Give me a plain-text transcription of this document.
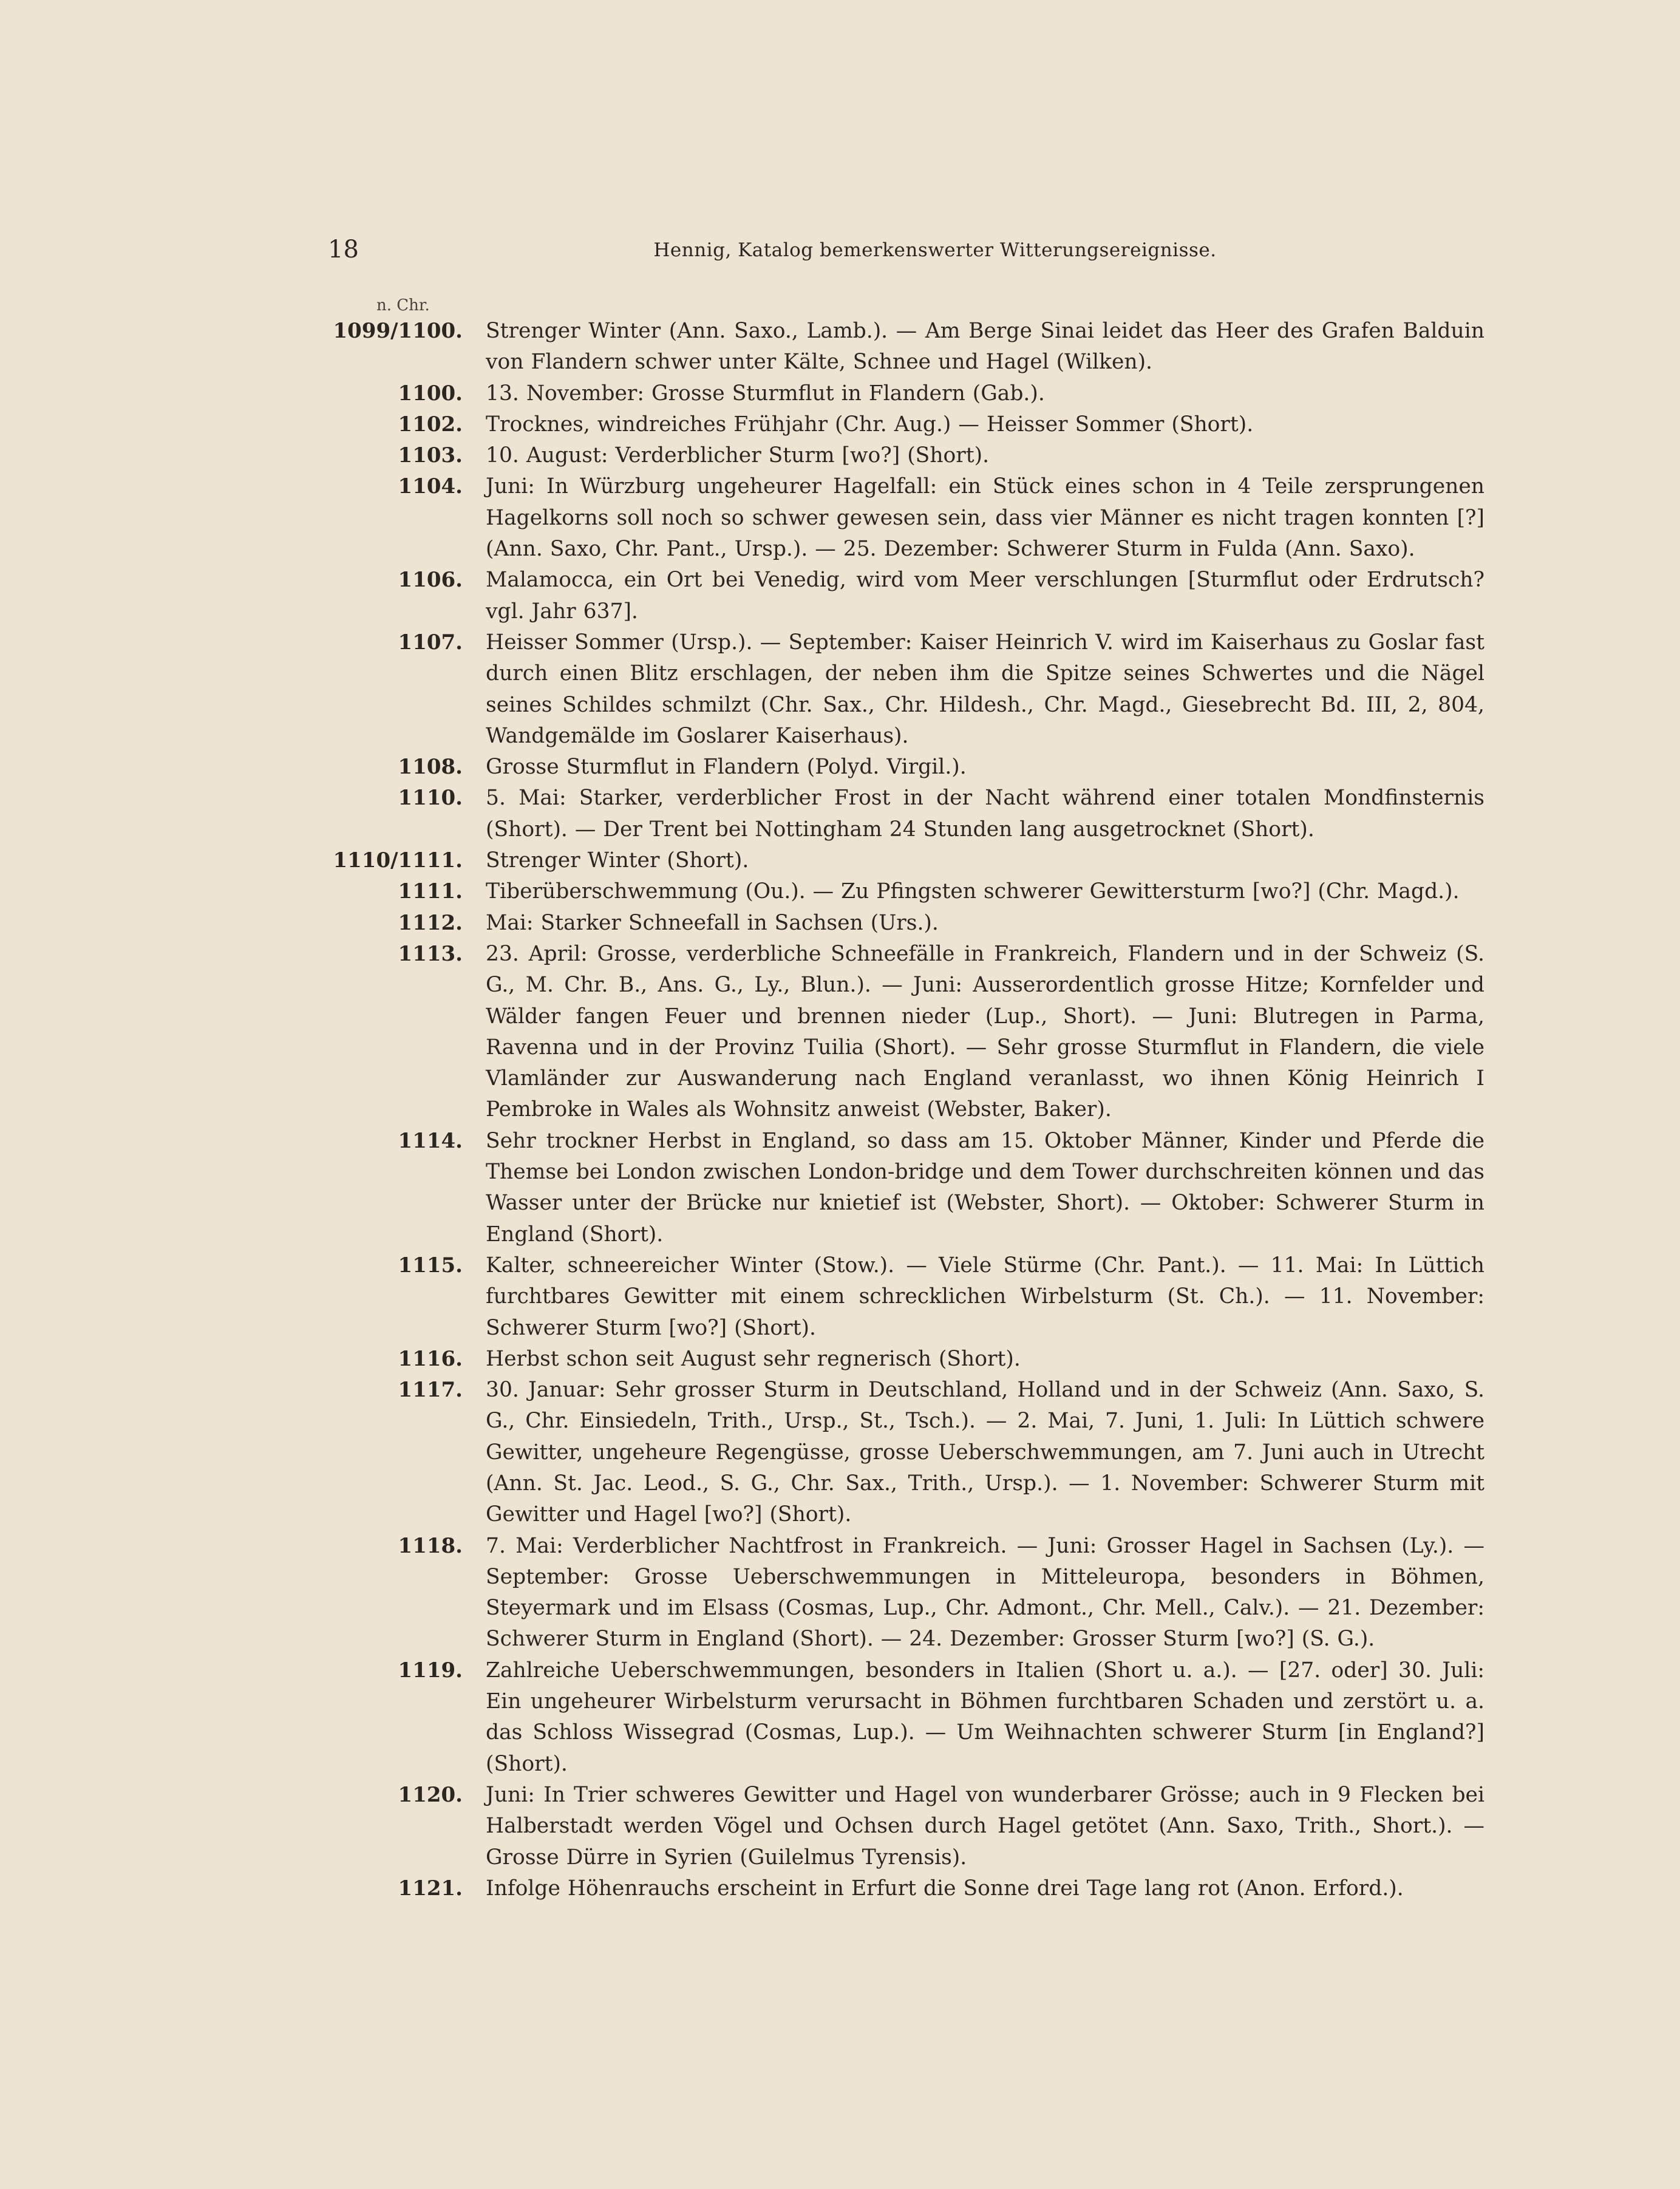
18	Hennig, Katalog bemerkenswerter Witterungsereignisse.
n. Chr.
1099/1100. Strenger Winter (Ann. Saxo., Lamb.). — Am Berge Sinai leidet das Heer des Grafen Balduin von Flandern schwer unter Kälte, Schnee und Hagel (Wilken).
1100. 13. November: Grosse Sturmflut in Flandern (Gab.).
1102. Trocknes, windreiches Frühjahr (Chr. Aug.) — Heisser Sommer (Short).
1103. 10. August: Verderblicher Sturm [wo?] (Short).
1104. Juni: In Würzburg ungeheurer Hagelfall: ein Stück eines schon in 4 Teile zersprungenen Hagelkorns soll noch so schwer gewesen sein, dass vier Männer es nicht tragen konnten [?] (Ann. Saxo, Chr. Pant., Ursp.). — 25. Dezember: Schwerer Sturm in Fulda (Ann. Saxo).
1106. Malamocca, ein Ort bei Venedig, wird vom Meer verschlungen [Sturmflut oder Erdrutsch? vgl. Jahr 637].
1107. Heisser Sommer (Ursp.). — September: Kaiser Heinrich V. wird im Kaiserhaus zu Goslar fast durch einen Blitz erschlagen, der neben ihm die Spitze seines Schwertes und die Nägel seines Schildes schmilzt (Chr. Sax., Chr. Hildesh., Chr. Magd., Giesebrecht Bd. III, 2, 804, Wandgemälde im Goslarer Kaiserhaus).
1108. Grosse Sturmflut in Flandern (Polyd. Virgil.).
1110. 5. Mai: Starker, verderblicher Frost in der Nacht während einer totalen Mondfinsternis (Short). — Der Trent bei Nottingham 24 Stunden lang ausgetrocknet (Short).
1110/1111. Strenger Winter (Short).
1111. Tiberüberschwemmung (Ou.). — Zu Pfingsten schwerer Gewittersturm [wo?] (Chr. Magd.).
1112. Mai: Starker Schneefall in Sachsen (Urs.).
1113. 23. April: Grosse, verderbliche Schneefälle in Frankreich, Flandern und in der Schweiz (S. G., M. Chr. B., Ans. G., Ly., Blun.). — Juni: Ausserordentlich grosse Hitze; Kornfelder und Wälder fangen Feuer und brennen nieder (Lup., Short). — Juni: Blutregen in Parma, Ravenna und in der Provinz Tuilia (Short). — Sehr grosse Sturmflut in Flandern, die viele Vlamländer zur Auswanderung nach England veranlasst, wo ihnen König Heinrich I Pembroke in Wales als Wohnsitz anweist (Webster, Baker).
1114. Sehr trockner Herbst in England, so dass am 15. Oktober Männer, Kinder und Pferde die Themse bei London zwischen London-bridge und dem Tower durchschreiten können und das Wasser unter der Brücke nur knietief ist (Webster, Short). — Oktober: Schwerer Sturm in England (Short).
1115. Kalter, schneereicher Winter (Stow.). — Viele Stürme (Chr. Pant.). — 11. Mai: In Lüttich furchtbares Gewitter mit einem schrecklichen Wirbelsturm (St. Ch.). — 11. November: Schwerer Sturm [wo?] (Short).
1116. Herbst schon seit August sehr regnerisch (Short).
1117. 30. Januar: Sehr grosser Sturm in Deutschland, Holland und in der Schweiz (Ann. Saxo, S. G., Chr. Einsiedeln, Trith., Ursp., St., Tsch.). — 2. Mai, 7. Juni, 1. Juli: In Lüttich schwere Gewitter, ungeheure Regengüsse, grosse Ueberschwemmungen, am 7. Juni auch in Utrecht (Ann. St. Jac. Leod., S. G., Chr. Sax., Trith., Ursp.). — 1. November: Schwerer Sturm mit Gewitter und Hagel [wo?] (Short).
1118. 7. Mai: Verderblicher Nachtfrost in Frankreich. — Juni: Grosser Hagel in Sachsen (Ly.). — September: Grosse Ueberschwemmungen in Mitteleuropa, besonders in Böhmen, Steyermark und im Elsass (Cosmas, Lup., Chr. Admont., Chr. Mell., Calv.). — 21. Dezember: Schwerer Sturm in England (Short). — 24. Dezember: Grosser Sturm [wo?] (S. G.).
1119. Zahlreiche Ueberschwemmungen, besonders in Italien (Short u. a.). — [27. oder] 30. Juli: Ein ungeheurer Wirbelsturm verursacht in Böhmen furchtbaren Schaden und zerstört u. a. das Schloss Wissegrad (Cosmas, Lup.). — Um Weihnachten schwerer Sturm [in England?] (Short).
1120. Juni: In Trier schweres Gewitter und Hagel von wunderbarer Grösse; auch in 9 Flecken bei Halberstadt werden Vögel und Ochsen durch Hagel getötet (Ann. Saxo, Trith., Short.). — Grosse Dürre in Syrien (Guilelmus Tyrensis).
1121. Infolge Höhenrauchs erscheint in Erfurt die Sonne drei Tage lang rot (Anon. Erford.).
